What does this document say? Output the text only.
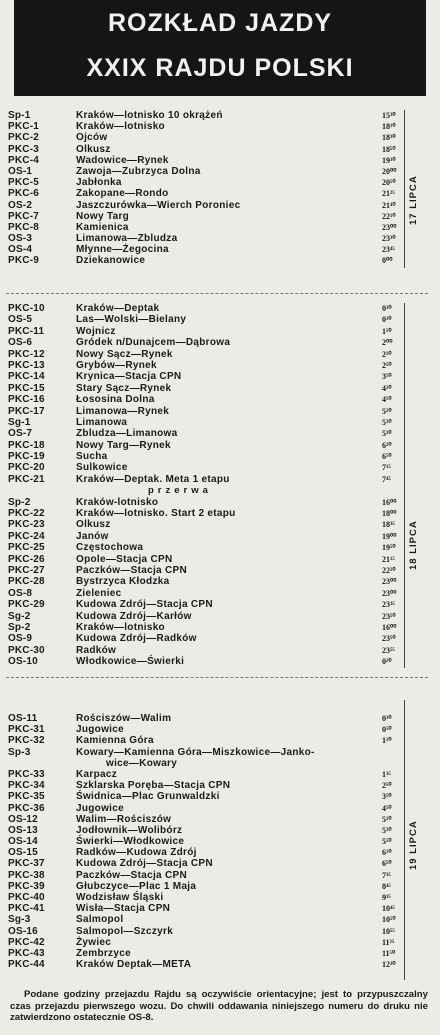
ROZKŁAD JAZDY
XXIX RAJDU POLSKI
Sp-1	Kraków—lotnisko 10 okrążeń	15³⁰
PKC-1	Kraków—lotnisko	18¹⁰
PKC-2	Ojców	18³⁰
PKC-3	Olkusz	18⁵⁰
PKC-4	Wadowice—Rynek	19³⁰
OS-1	Zawoja—Zubrzyca Dolna	20⁰⁰
PKC-5	Jabłonka	20⁵⁰
PKC-6	Zakopane—Rondo	21²⁵
OS-2	Jaszczurówka—Wierch Poroniec	21⁴⁰
PKC-7	Nowy Targ	22¹⁰
PKC-8	Kamienica	23⁰⁰
OS-3	Limanowa—Zbludza	23³⁰
OS-4	Młynne—Żegocina	23⁴⁵
PKC-9	Dziekanowice	0⁰⁰
17 LIPCA
PKC-10	Kraków—Deptak	0³⁰
OS-5	Las—Wolski—Bielany	0³⁰
PKC-11	Wojnicz	1⁵⁰
OS-6	Gródek n/Dunajcem—Dąbrowa	2⁰⁰
PKC-12	Nowy Sącz—Rynek	2²⁰
PKC-13	Grybów—Rynek	2⁵⁰
PKC-14	Krynica—Stacja CPN	3⁵⁰
PKC-15	Stary Sącz—Rynek	4²⁰
PKC-16	Łososina Dolna	4⁵⁰
PKC-17	Limanowa—Rynek	5²⁰
Sg-1	Limanowa	5³⁰
OS-7	Zbludza—Limanowa	5³⁰
PKC-18	Nowy Targ—Rynek	6²⁰
PKC-19	Sucha	6⁵⁰
PKC-20	Sulkowice	7¹⁵
PKC-21	Kraków—Deptak. Meta 1 etapu	7⁴⁵
przerwa
Sp-2	Kraków-lotnisko	16⁰⁰
PKC-22	Kraków—lotnisko. Start 2 etapu	18⁰⁰
PKC-23	Olkusz	18³⁵
PKC-24	Janów	19⁰⁰
PKC-25	Częstochowa	19⁵⁰
PKC-26	Opole—Stacja CPN	21¹⁵
PKC-27	Paczków—Stacja CPN	22²⁰
PKC-28	Bystrzyca Kłodzka	23⁰⁰
OS-8	Zieleniec	23⁰⁰
PKC-29	Kudowa Zdrój—Stacja CPN	23³⁵
Sg-2	Kudowa Zdrój—Karłów	23⁵⁰
Sp-2	Kraków—lotnisko	16⁰⁰
OS-9	Kudowa Zdrój—Radków	23⁵⁰
PKC-30	Radków	23⁵⁵
OS-10	Włodkowice—Świerki	0²⁰
18 LIPCA
OS-11	Rościszów—Walim	0³⁰
PKC-31	Jugowice	0⁵⁰
PKC-32	Kamienna Góra	1²⁰
Sp-3	Kowary—Kamienna Góra—Miszkowice—Janko-
wice—Kowary
PKC-33	Karpacz	1³⁵
PKC-34	Szklarska Poręba—Stacja CPN	2⁵⁰
PKC-35	Świdnica—Plac Grunwaldzki	3⁵⁰
PKC-36	Jugowice	4⁵⁰
OS-12	Walim—Rościszów	5¹⁰
OS-13	Jodłownik—Wolibórz	5³⁰
OS-14	Świerki—Włodkowice	5⁵⁰
OS-15	Radków—Kudowa Zdrój	6¹⁰
PKC-37	Kudowa Zdrój—Stacja CPN	6⁵⁰
PKC-38	Paczków—Stacja CPN	7³⁵
PKC-39	Głubczyce—Plac 1 Maja	8⁴⁵
PKC-40	Wodzisław Śląski	9³⁵
PKC-41	Wisła—Stacja CPN	10⁴⁵
Sg-3	Salmopol	10⁵⁰
OS-16	Salmopol—Szczyrk	10⁵⁵
PKC-42	Żywiec	11²⁵
PKC-43	Zembrzyce	11⁵⁰
PKC-44	Kraków Deptak—META	12³⁰
19 LIPCA
Podane godziny przejazdu Rajdu są oczywiście orientacyjne; jest to przypuszczalny czas przejazdu pierwszego wozu. Do chwili oddawania niniejszego numeru do druku nie zatwierdzono ostatecznie OS-8.
